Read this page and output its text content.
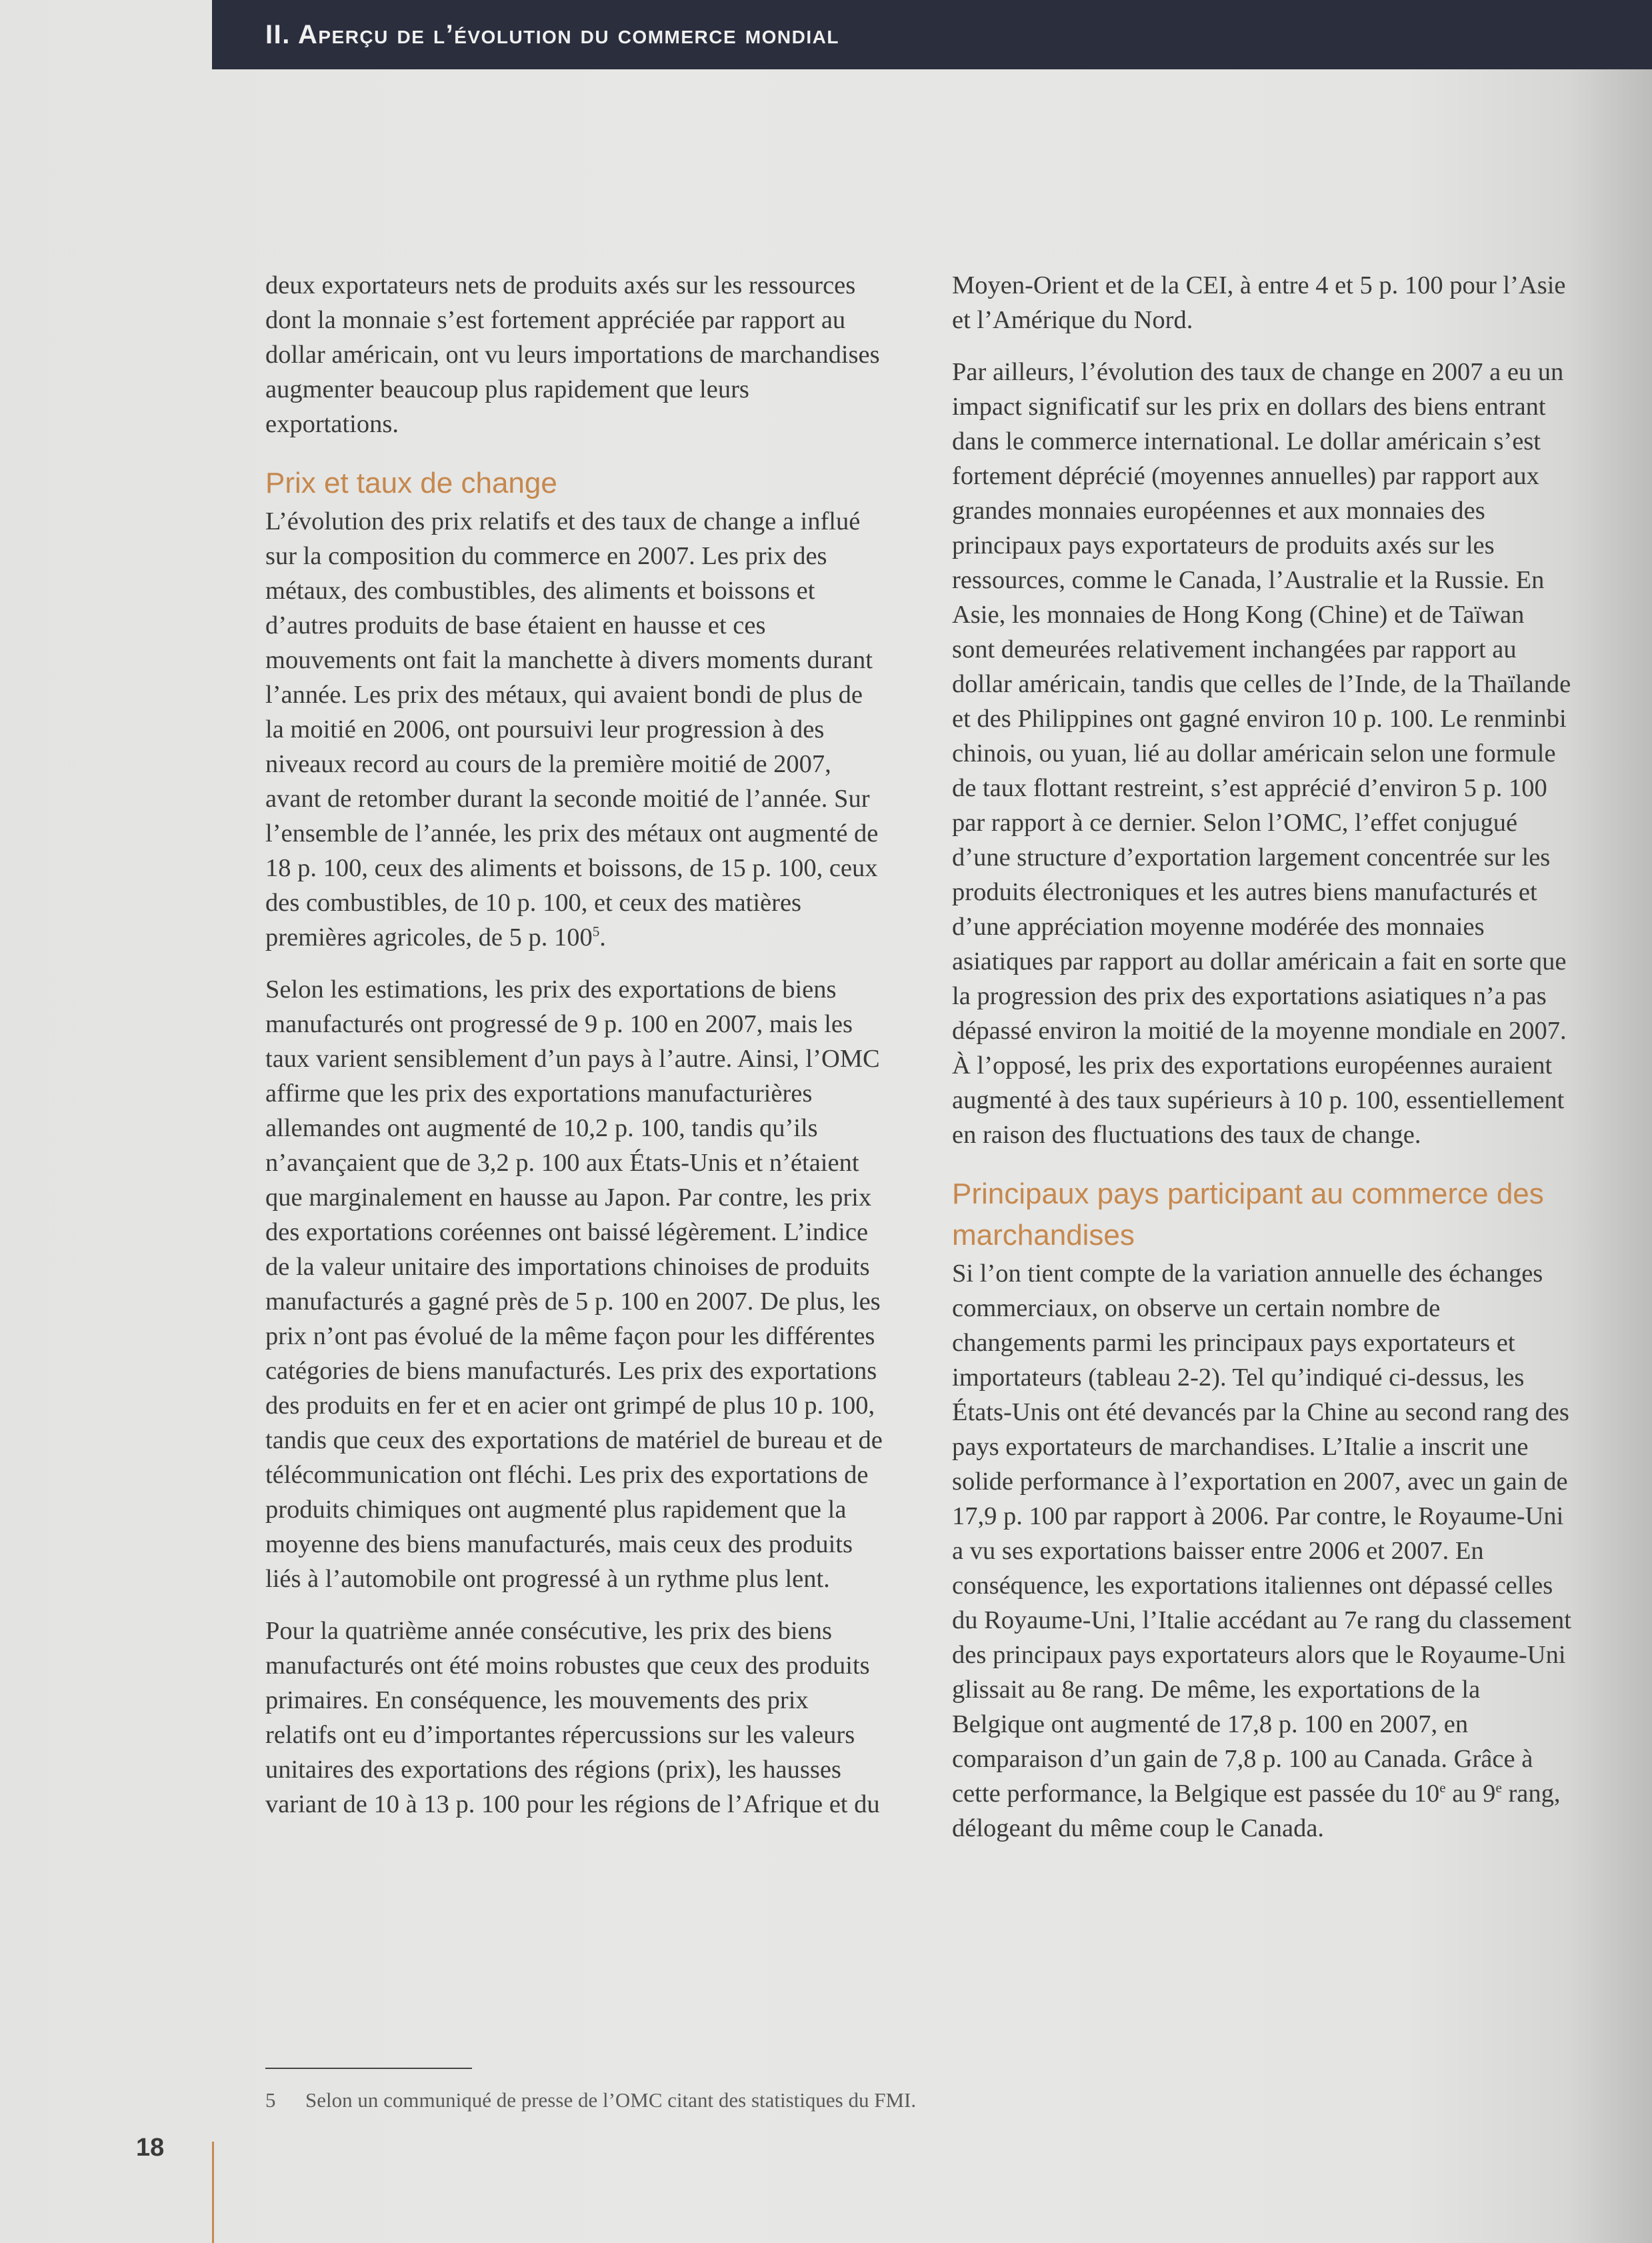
II. Aperçu de l’évolution du commerce mondial

deux exportateurs nets de produits axés sur les ressources dont la monnaie s’est fortement appréciée par rapport au dollar américain, ont vu leurs importations de marchandises augmenter beaucoup plus rapidement que leurs exportations.

Prix et taux de change

L’évolution des prix relatifs et des taux de change a influé sur la composition du commerce en 2007. Les prix des métaux, des combustibles, des aliments et boissons et d’autres produits de base étaient en hausse et ces mouvements ont fait la manchette à divers moments durant l’année. Les prix des métaux, qui avaient bondi de plus de la moitié en 2006, ont poursuivi leur progression à des niveaux record au cours de la première moitié de 2007, avant de retomber durant la seconde moitié de l’année. Sur l’ensemble de l’année, les prix des métaux ont augmenté de 18 p. 100, ceux des aliments et boissons, de 15 p. 100, ceux des combustibles, de 10 p. 100, et ceux des matières premières agricoles, de 5 p. $100^5$.

Selon les estimations, les prix des exportations de biens manufacturés ont progressé de 9 p. 100 en 2007, mais les taux varient sensiblement d’un pays à l’autre. Ainsi, l’OMC affirme que les prix des exportations manufacturières allemandes ont augmenté de 10,2 p. 100, tandis qu’ils n’avançaient que de 3,2 p. 100 aux États-Unis et n’étaient que marginalement en hausse au Japon. Par contre, les prix des exportations coréennes ont baissé légèrement. L’indice de la valeur unitaire des importations chinoises de produits manufacturés a gagné près de 5 p. 100 en 2007. De plus, les prix n’ont pas évolué de la même façon pour les différentes catégories de biens manufacturés. Les prix des exportations des produits en fer et en acier ont grimpé de plus 10 p. 100, tandis que ceux des exportations de matériel de bureau et de télécommunication ont fléchi. Les prix des exportations de produits chimiques ont augmenté plus rapidement que la moyenne des biens manufacturés, mais ceux des produits liés à l’automobile ont progressé à un rythme plus lent.

Pour la quatrième année consécutive, les prix des biens manufacturés ont été moins robustes que ceux des produits primaires. En conséquence, les mouvements des prix relatifs ont eu d’importantes répercussions sur les valeurs unitaires des exportations des régions (prix), les hausses variant de 10 à 13 p. 100 pour les régions de l’Afrique et du

Moyen-Orient et de la CEI, à entre 4 et 5 p. 100 pour l’Asie et l’Amérique du Nord.

Par ailleurs, l’évolution des taux de change en 2007 a eu un impact significatif sur les prix en dollars des biens entrant dans le commerce international. Le dollar américain s’est fortement déprécié (moyennes annuelles) par rapport aux grandes monnaies européennes et aux monnaies des principaux pays exportateurs de produits axés sur les ressources, comme le Canada, l’Australie et la Russie. En Asie, les monnaies de Hong Kong (Chine) et de Taïwan sont demeurées relativement inchangées par rapport au dollar américain, tandis que celles de l’Inde, de la Thaïlande et des Philippines ont gagné environ 10 p. 100. Le renminbi chinois, ou yuan, lié au dollar américain selon une formule de taux flottant restreint, s’est apprécié d’environ 5 p. 100 par rapport à ce dernier. Selon l’OMC, l’effet conjugué d’une structure d’exportation largement concentrée sur les produits électroniques et les autres biens manufacturés et d’une appréciation moyenne modérée des monnaies asiatiques par rapport au dollar américain a fait en sorte que la progression des prix des exportations asiatiques n’a pas dépassé environ la moitié de la moyenne mondiale en 2007. À l’opposé, les prix des exportations européennes auraient augmenté à des taux supérieurs à 10 p. 100, essentiellement en raison des fluctuations des taux de change.

Principaux pays participant au commerce des marchandises

Si l’on tient compte de la variation annuelle des échanges commerciaux, on observe un certain nombre de changements parmi les principaux pays exportateurs et importateurs (tableau 2-2). Tel qu’indiqué ci-dessus, les États-Unis ont été devancés par la Chine au second rang des pays exportateurs de marchandises. L’Italie a inscrit une solide performance à l’exportation en 2007, avec un gain de 17,9 p. 100 par rapport à 2006. Par contre, le Royaume-Uni a vu ses exportations baisser entre 2006 et 2007. En conséquence, les exportations italiennes ont dépassé celles du Royaume-Uni, l’Italie accédant au 7e rang du classement des principaux pays exportateurs alors que le Royaume-Uni glissait au 8e rang. De même, les exportations de la Belgique ont augmenté de 17,8 p. 100 en 2007, en comparaison d’un gain de 7,8 p. 100 au Canada. Grâce à cette performance, la Belgique est passée du 10e au 9e rang, délogeant du même coup le Canada.

5 Selon un communiqué de presse de l’OMC citant des statistiques du FMI.
18
